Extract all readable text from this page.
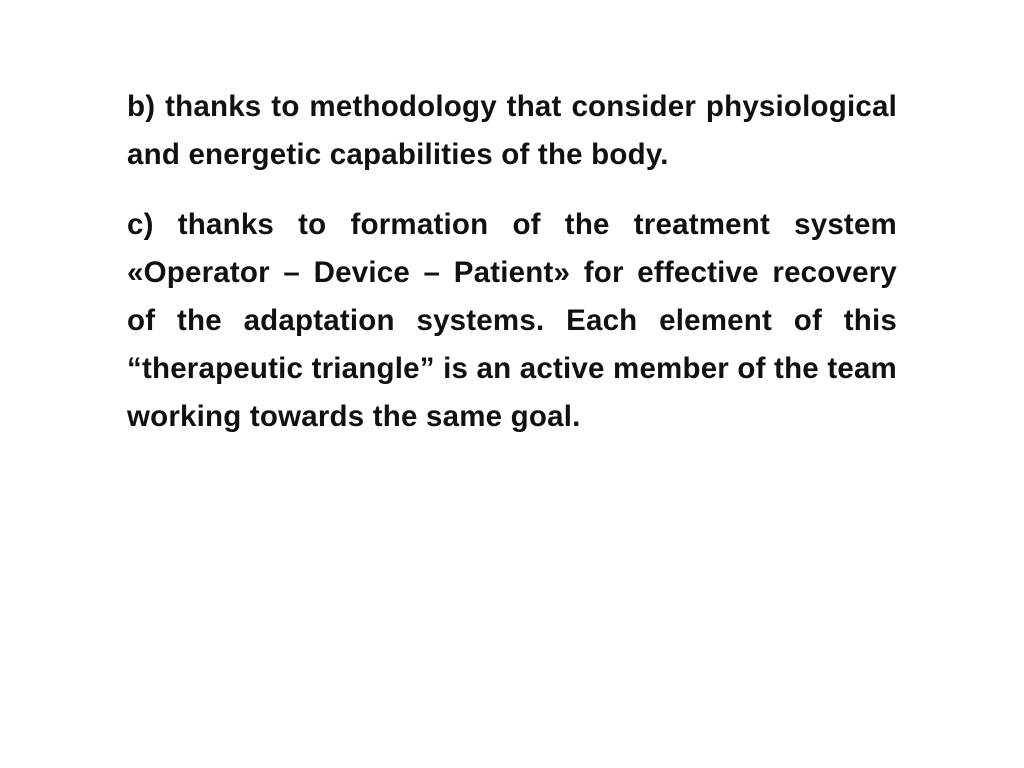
b) thanks to methodology that consider physiological and energetic capabilities of the body.

c) thanks to formation of the treatment system «Operator – Device – Patient» for effective recovery of the adaptation systems. Each element of this “therapeutic triangle” is an active member of the team working towards the same goal.
